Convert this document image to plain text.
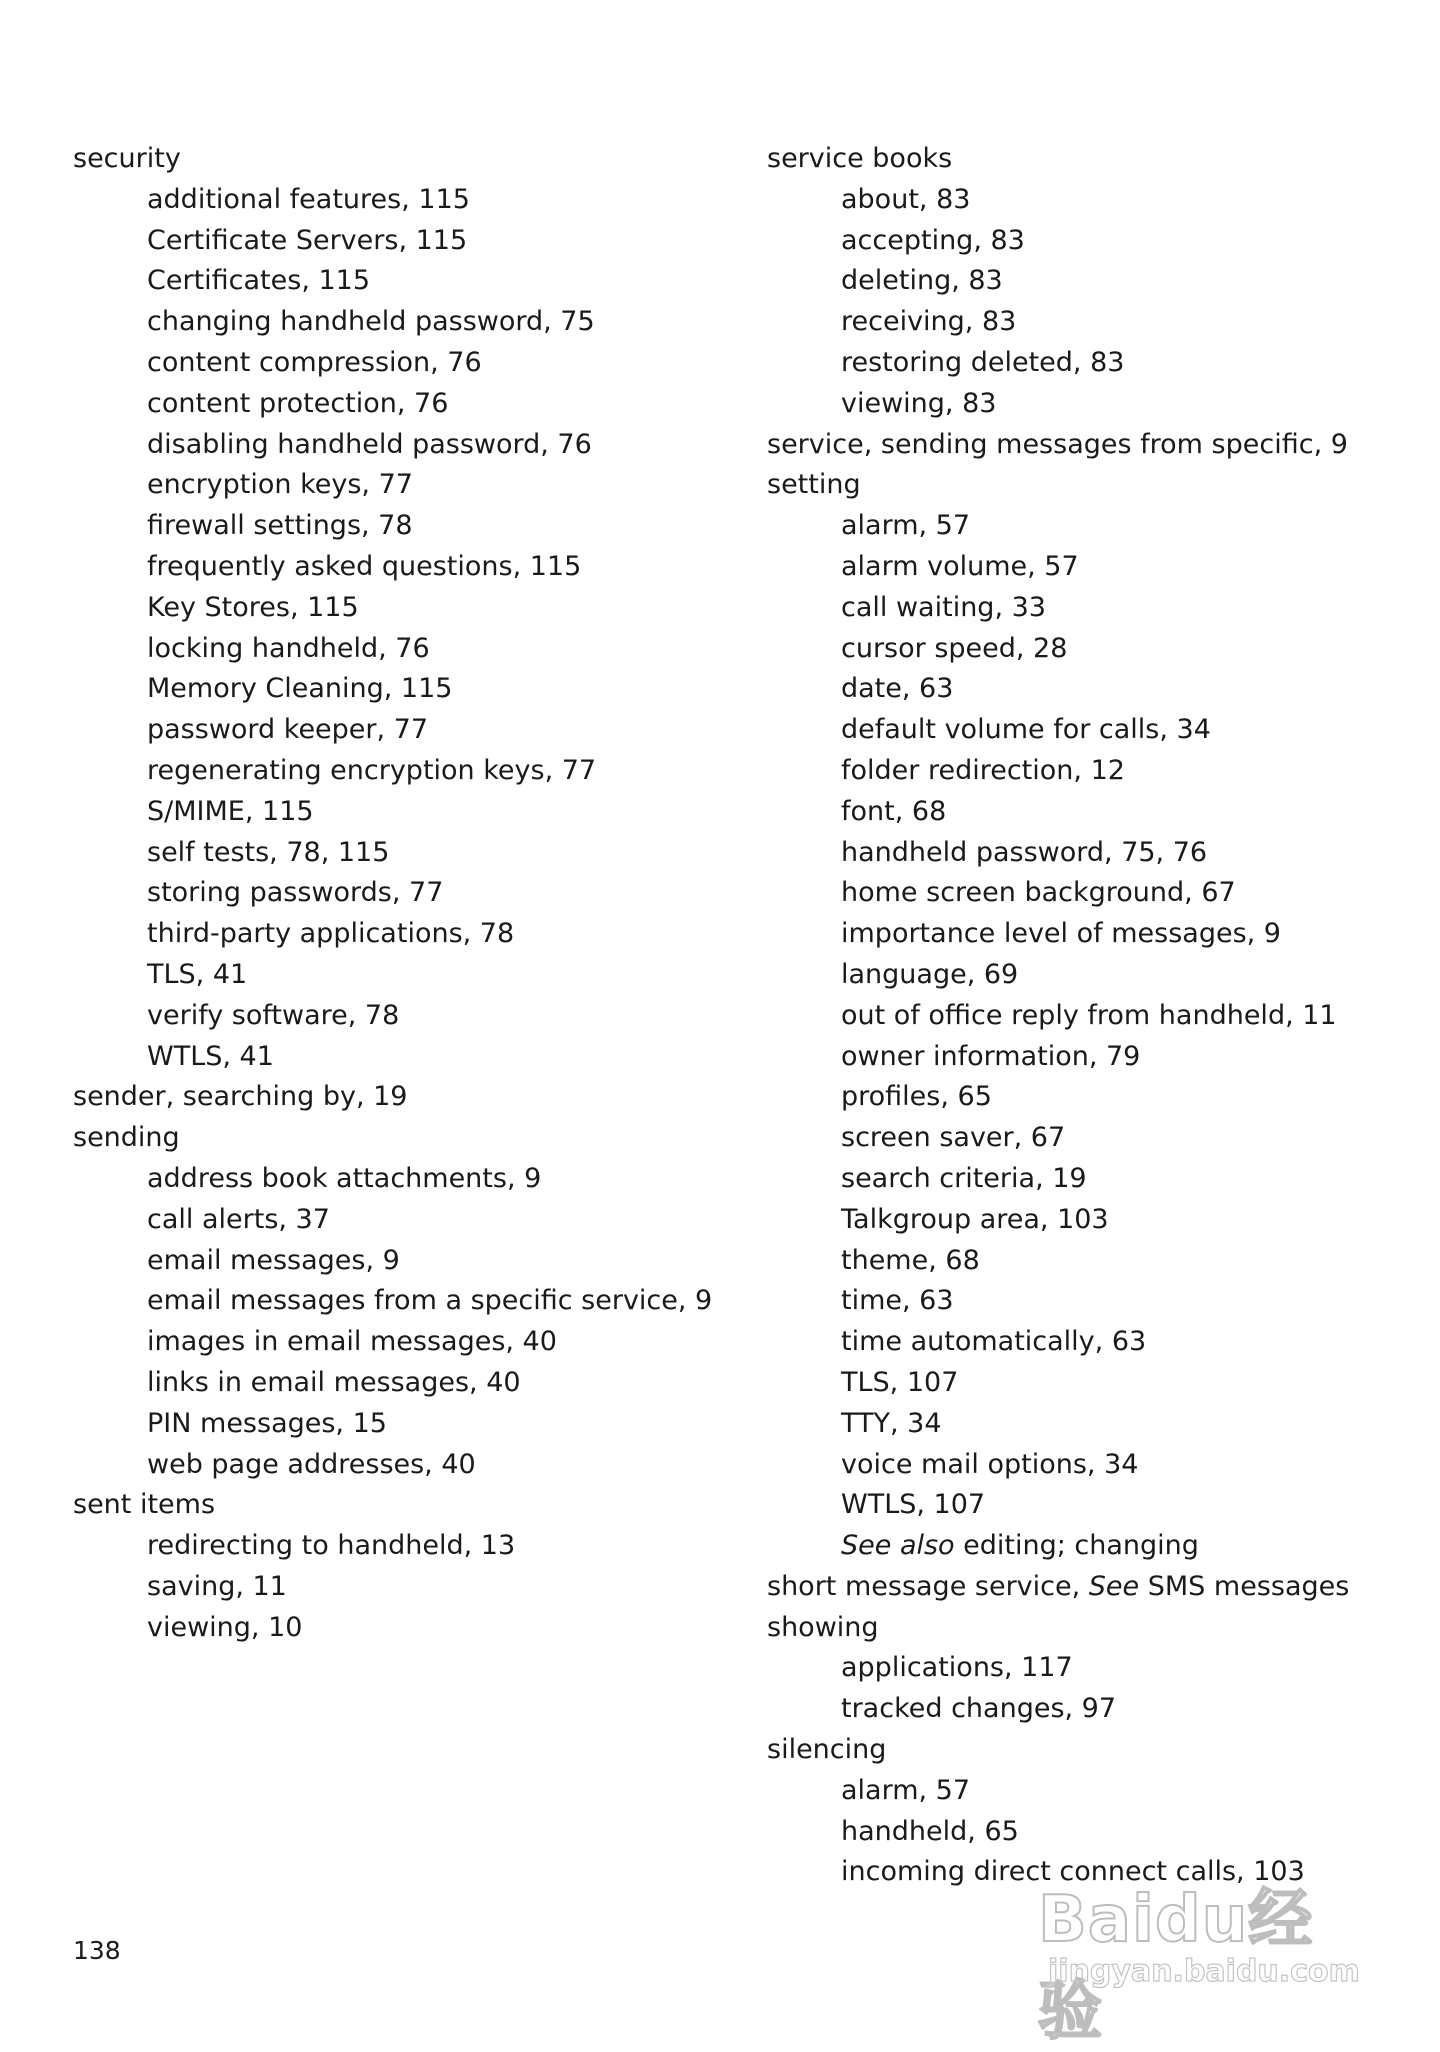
security
additional features, 115
Certificate Servers, 115
Certificates, 115
changing handheld password, 75
content compression, 76
content protection, 76
disabling handheld password, 76
encryption keys, 77
firewall settings, 78
frequently asked questions, 115
Key Stores, 115
locking handheld, 76
Memory Cleaning, 115
password keeper, 77
regenerating encryption keys, 77
S/MIME, 115
self tests, 78, 115
storing passwords, 77
third-party applications, 78
TLS, 41
verify software, 78
WTLS, 41
sender, searching by, 19
sending
address book attachments, 9
call alerts, 37
email messages, 9
email messages from a specific service, 9
images in email messages, 40
links in email messages, 40
PIN messages, 15
web page addresses, 40
sent items
redirecting to handheld, 13
saving, 11
viewing, 10
service books
about, 83
accepting, 83
deleting, 83
receiving, 83
restoring deleted, 83
viewing, 83
service, sending messages from specific, 9
setting
alarm, 57
alarm volume, 57
call waiting, 33
cursor speed, 28
date, 63
default volume for calls, 34
folder redirection, 12
font, 68
handheld password, 75, 76
home screen background, 67
importance level of messages, 9
language, 69
out of office reply from handheld, 11
owner information, 79
profiles, 65
screen saver, 67
search criteria, 19
Talkgroup area, 103
theme, 68
time, 63
time automatically, 63
TLS, 107
TTY, 34
voice mail options, 34
WTLS, 107
See also editing; changing
short message service, See SMS messages
showing
applications, 117
tracked changes, 97
silencing
alarm, 57
handheld, 65
incoming direct connect calls, 103
138	Baidu经验
jingyan.baidu.com
